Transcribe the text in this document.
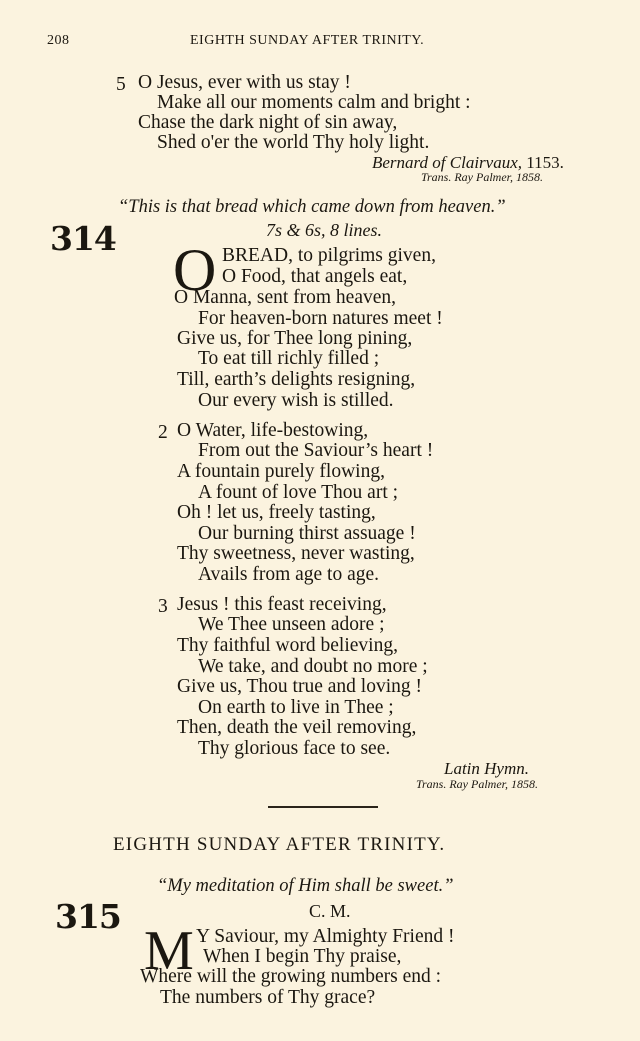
208	EIGHTH SUNDAY AFTER TRINITY.
5 O Jesus, ever with us stay !
Make all our moments calm and bright :
Chase the dark night of sin away,
Shed o'er the world Thy holy light.
Bernard of Clairvaux, 1153.
Trans. Ray Palmer, 1858.
“This is that bread which came down from heaven.”
314	7s & 6s, 8 lines.
O BREAD, to pilgrims given,
O Food, that angels eat,
O Manna, sent from heaven,
For heaven-born natures meet !
Give us, for Thee long pining,
To eat till richly filled ;
Till, earth’s delights resigning,
Our every wish is stilled.
2 O Water, life-bestowing,
From out the Saviour’s heart !
A fountain purely flowing,
A fount of love Thou art ;
Oh ! let us, freely tasting,
Our burning thirst assuage !
Thy sweetness, never wasting,
Avails from age to age.
3 Jesus ! this feast receiving,
We Thee unseen adore ;
Thy faithful word believing,
We take, and doubt no more ;
Give us, Thou true and loving !
On earth to live in Thee ;
Then, death the veil removing,
Thy glorious face to see.
Latin Hymn.
Trans. Ray Palmer, 1858.
EIGHTH SUNDAY AFTER TRINITY.
“My meditation of Him shall be sweet.”
315	C. M.
M Y Saviour, my Almighty Friend !
When I begin Thy praise,
Where will the growing numbers end :
The numbers of Thy grace?
